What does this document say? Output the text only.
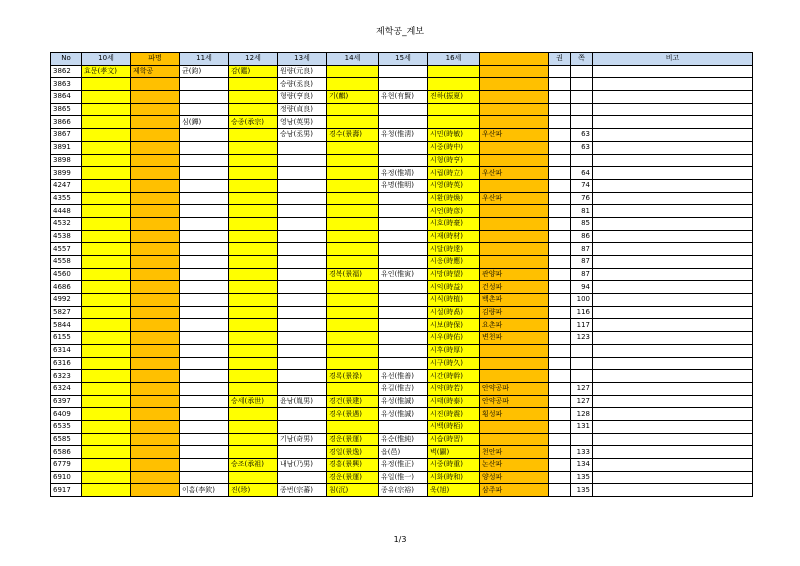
제학공_계보
No	10세	파명	11세	12세	13세	14세	15세	16세		권	쪽	비고
3862	효문(孝文)	제학공	균(鈞)	감(鑑)	원량(元良)							
3863					승량(丞良)							
3864					형량(亨良)	기(麒)	유현(有賢)	진하(振夏)				
3865					정량(貞良)							
3866			심(鐔)	승종(承宗)	영남(英男)							
3867					승남(丞男)	경수(景壽)	유청(惟淸)	시민(時敏)	우산파		63	
3891								시중(時中)			63	
3898								시형(時亨)				
3899							유정(惟靖)	시립(時立)	우산파		64	
4247							유명(惟明)	시영(時英)			74	
4355								시환(時煥)	우산파		76	
4448								시언(時彦)			81	
4532								시호(時豪)			85	
4538								시재(時材)			86	
4557								시달(時達)			87	
4558								시응(時應)			87	
4560						경복(景福)	유인(惟寅)	시망(時望)	관양파		87	
4686								시익(時益)	건성파		94	
4992								시식(時植)	백촌파		100	
5827								시설(時卨)	김량파		116	
5844								시보(時保)	요촌파		117	
6155								시우(時佑)	변천파		123	
6314								시후(時厚)				
6316								시구(時久)				
6323						경록(景祿)	유선(惟善)	시간(時幹)				
6324							유길(惟吉)	시약(時若)	안약공파		127	
6397				승세(承世)	윤남(胤男)	경건(景建)	유성(惟誠)	시태(時泰)	안약공파		127	
6409						경우(景遇)	유성(惟誠)	시진(時震)	횡성파		128	
6535								시백(時栢)			131	
6585					기남(奇男)	경운(景運)	유순(惟純)	시습(時習)				
6586						경일(景逸)	읍(邑)	벽(闢)	천안파		133	
6779				승조(承祖)	내남(乃男)	경흥(景興)	유정(惟正)	시중(時重)	논산파		134	
6910						경운(景運)	유일(惟一)	시화(時和)	양성파		135	
6917			이흠(李欽)	진(珍)	종번(宗蕃)	침(沉)	종유(宗裕)	욱(旭)	삼주파		135	
1/3
